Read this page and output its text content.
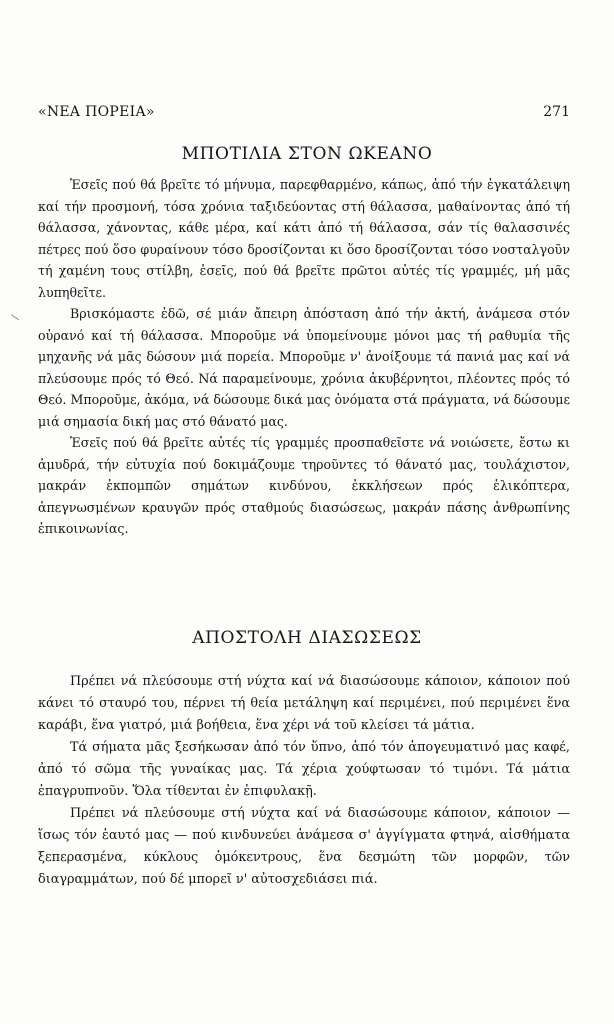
«ΝΕΑ ΠΟΡΕΙΑ»	271
ΜΠΟΤΙΛΙΑ ΣΤΟΝ ΩΚΕΑΝΟ

Ἐσεῖς πού θά βρεῖτε τό μήνυμα, παρεφθαρμένο, κάπως, ἀπό τήν ἐγκατάλειψη καί τήν προσμονή, τόσα χρόνια ταξιδεύοντας στή θάλασσα, μαθαίνοντας ἀπό τή θάλασσα, χάνοντας, κάθε μέρα, καί κάτι ἀπό τή θάλασσα, σάν τίς θαλασσινές πέτρες πού ὅσο φυραίνουν τόσο δροσίζονται κι ὅσο δροσίζονται τόσο νοσταλγοῦν τή χαμένη τους στίλβη, ἐσεῖς, πού θά βρεῖτε πρῶτοι αὐτές τίς γραμμές, μή μᾶς λυπηθεῖτε.

Βρισκόμαστε ἐδῶ, σέ μιάν ἄπειρη ἀπόσταση ἀπό τήν ἀκτή, ἀνάμεσα στόν οὐρανό καί τή θάλασσα. Μποροῦμε νά ὑπομείνουμε μόνοι μας τή ραθυμία τῆς μηχανῆς νά μᾶς δώσουν μιά πορεία. Μποροῦμε ν' ἀνοίξουμε τά πανιά μας καί νά πλεύσουμε πρός τό Θεό. Νά παραμείνουμε, χρόνια ἀκυβέρνητοι, πλέοντες πρός τό Θεό. Μποροῦμε, ἀκόμα, νά δώσουμε δικά μας ὀνόματα στά πράγματα, νά δώσουμε μιά σημασία δική μας στό θάνατό μας.

Ἐσεῖς πού θά βρεῖτε αὐτές τίς γραμμές προσπαθεῖστε νά νοιώσετε, ἔστω κι ἀμυδρά, τήν εὐτυχία πού δοκιμάζουμε τηροῦντες τό θάνατό μας, τουλάχιστον, μακράν ἐκπομπῶν σημάτων κινδύνου, ἐκκλήσεων πρός ἑλικόπτερα, ἀπεγνωσμένων κραυγῶν πρός σταθμούς διασώσεως, μακράν πάσης ἀνθρωπίνης ἐπικοινωνίας.

ΑΠΟΣΤΟΛΗ ΔΙΑΣΩΣΕΩΣ

Πρέπει νά πλεύσουμε στή νύχτα καί νά διασώσουμε κάποιον, κάποιον πού κάνει τό σταυρό του, πέρνει τή θεία μετάληψη καί περιμένει, πού περιμένει ἕνα καράβι, ἕνα γιατρό, μιά βοήθεια, ἕνα χέρι νά τοῦ κλείσει τά μάτια.

Τά σήματα μᾶς ξεσήκωσαν ἀπό τόν ὕπνο, ἀπό τόν ἀπογευματινό μας καφέ, ἀπό τό σῶμα τῆς γυναίκας μας. Τά χέρια χούφτωσαν τό τιμόνι. Τά μάτια ἐπαγρυπνοῦν. Ὅλα τίθενται ἐν ἐπιφυλακῇ.

Πρέπει νά πλεύσουμε στή νύχτα καί νά διασώσουμε κάποιον, κάποιον — ἴσως τόν ἑαυτό μας — πού κινδυνεύει ἀνάμεσα σ' ἀγγίγματα φτηνά, αἰσθήματα ξεπερασμένα, κύκλους ὁμόκεντρους, ἕνα δεσμώτη τῶν μορφῶν, τῶν διαγραμμάτων, πού δέ μπορεῖ ν' αὐτοσχεδιάσει πιά.
